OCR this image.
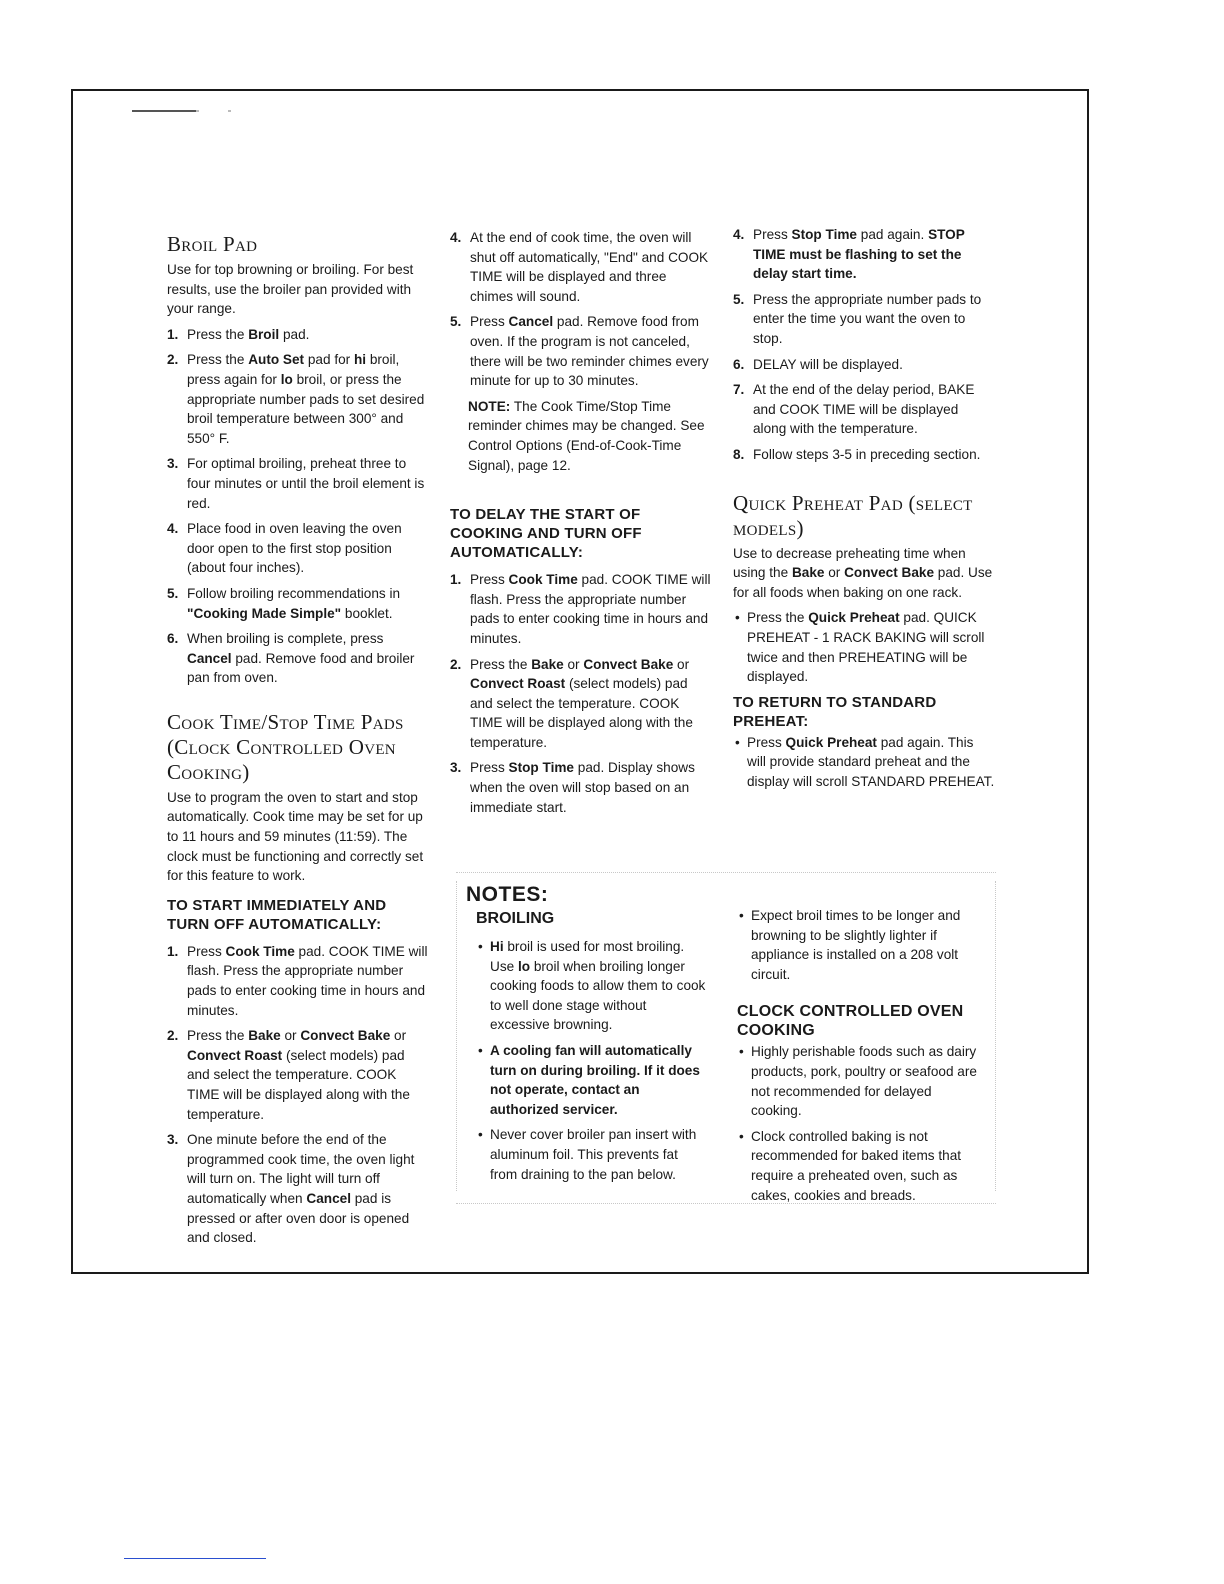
Broil Pad

Use for top browning or broiling. For best results, use the broiler pan provided with your range.

1. Press the Broil pad.
2. Press the Auto Set pad for hi broil, press again for lo broil, or press the appropriate number pads to set desired broil temperature between 300° and 550° F.
3. For optimal broiling, preheat three to four minutes or until the broil element is red.
4. Place food in oven leaving the oven door open to the first stop position (about four inches).
5. Follow broiling recommendations in "Cooking Made Simple" booklet.
6. When broiling is complete, press Cancel pad. Remove food and broiler pan from oven.
Cook Time/Stop Time Pads (Clock Controlled Oven Cooking)

Use to program the oven to start and stop automatically. Cook time may be set for up to 11 hours and 59 minutes (11:59). The clock must be functioning and correctly set for this feature to work.

TO START IMMEDIATELY AND TURN OFF AUTOMATICALLY:
1. Press Cook Time pad. COOK TIME will flash. Press the appropriate number pads to enter cooking time in hours and minutes.
2. Press the Bake or Convect Bake or Convect Roast (select models) pad and select the temperature. COOK TIME will be displayed along with the temperature.
3. One minute before the end of the programmed cook time, the oven light will turn on. The light will turn off automatically when Cancel pad is pressed or after oven door is opened and closed.
4. At the end of cook time, the oven will shut off automatically, "End" and COOK TIME will be displayed and three chimes will sound.
5. Press Cancel pad. Remove food from oven. If the program is not canceled, there will be two reminder chimes every minute for up to 30 minutes.

NOTE: The Cook Time/Stop Time reminder chimes may be changed. See Control Options (End-of-Cook-Time Signal), page 12.

TO DELAY THE START OF COOKING AND TURN OFF AUTOMATICALLY:
1. Press Cook Time pad. COOK TIME will flash. Press the appropriate number pads to enter cooking time in hours and minutes.
2. Press the Bake or Convect Bake or Convect Roast (select models) pad and select the temperature. COOK TIME will be displayed along with the temperature.
3. Press Stop Time pad. Display shows when the oven will stop based on an immediate start.
4. Press Stop Time pad again. STOP TIME must be flashing to set the delay start time.
5. Press the appropriate number pads to enter the time you want the oven to stop.
6. DELAY will be displayed.
7. At the end of the delay period, BAKE and COOK TIME will be displayed along with the temperature.
8. Follow steps 3-5 in preceding section.
Quick Preheat Pad (select models)

Use to decrease preheating time when using the Bake or Convect Bake pad. Use for all foods when baking on one rack.

• Press the Quick Preheat pad. QUICK PREHEAT - 1 RACK BAKING will scroll twice and then PREHEATING will be displayed.
TO RETURN TO STANDARD PREHEAT:
• Press Quick Preheat pad again. This will provide standard preheat and the display will scroll STANDARD PREHEAT.
NOTES:
BROILING
• Hi broil is used for most broiling. Use lo broil when broiling longer cooking foods to allow them to cook to well done stage without excessive browning.
• A cooling fan will automatically turn on during broiling. If it does not operate, contact an authorized servicer.
• Never cover broiler pan insert with aluminum foil. This prevents fat from draining to the pan below.
• Expect broil times to be longer and browning to be slightly lighter if appliance is installed on a 208 volt circuit.
CLOCK CONTROLLED OVEN COOKING
• Highly perishable foods such as dairy products, pork, poultry or seafood are not recommended for delayed cooking.
• Clock controlled baking is not recommended for baked items that require a preheated oven, such as cakes, cookies and breads.
